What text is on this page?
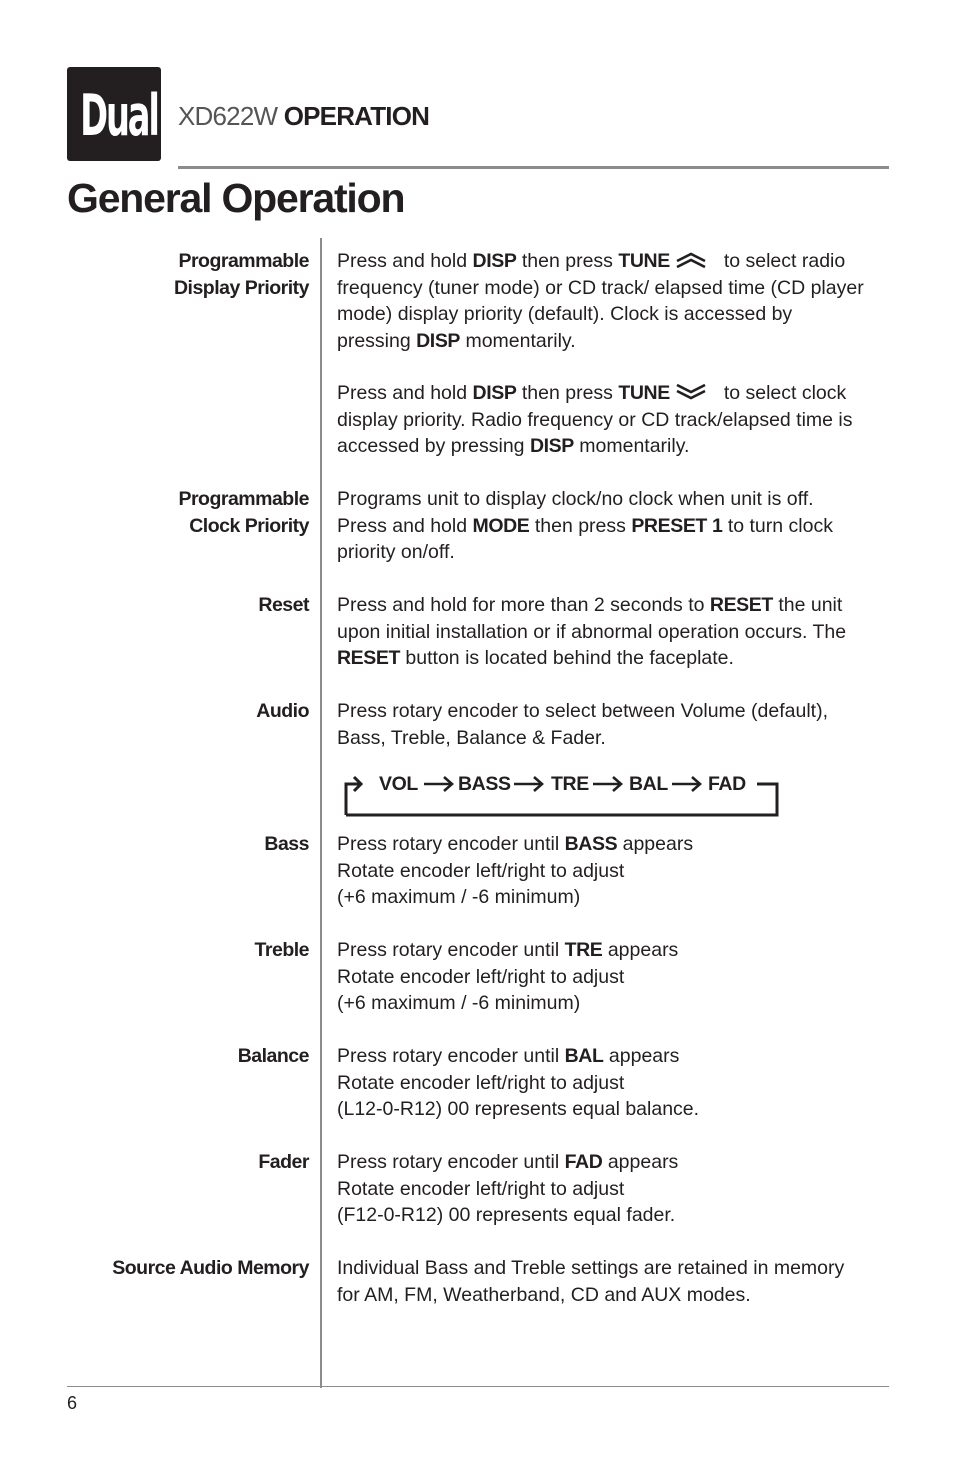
Dual XD622W OPERATION
General Operation
Programmable
Display Priority
Press and hold DISP then press TUNE	to select radio
frequency (tuner mode) or CD track/ elapsed time (CD player
mode) display priority (default). Clock is accessed by
pressing DISP momentarily.
Press and hold DISP then press TUNE	to select clock
display priority. Radio frequency or CD track/elapsed time is
accessed by pressing DISP momentarily.
Programmable
Clock Priority
Programs unit to display clock/no clock when unit is off.
Press and hold MODE then press PRESET 1 to turn clock
priority on/off.
Reset Press and hold for more than 2 seconds to RESET the unit
upon initial installation or if abnormal operation occurs. The
RESET button is located behind the faceplate.
Audio Press rotary encoder to select between Volume (default),
Bass, Treble, Balance & Fader.
VOL BASS TRE BAL FAD
Bass Press rotary encoder until BASS appears
Rotate encoder left/right to adjust
(+6 maximum / -6 minimum)
Treble Press rotary encoder until TRE appears
Rotate encoder left/right to adjust
(+6 maximum / -6 minimum)
Balance Press rotary encoder until BAL appears
Rotate encoder left/right to adjust
(L12-0-R12) 00 represents equal balance.
Fader Press rotary encoder until FAD appears
Rotate encoder left/right to adjust
(F12-0-R12) 00 represents equal fader.
Source Audio Memory Individual Bass and Treble settings are retained in memory
for AM, FM, Weatherband, CD and AUX modes.
6
